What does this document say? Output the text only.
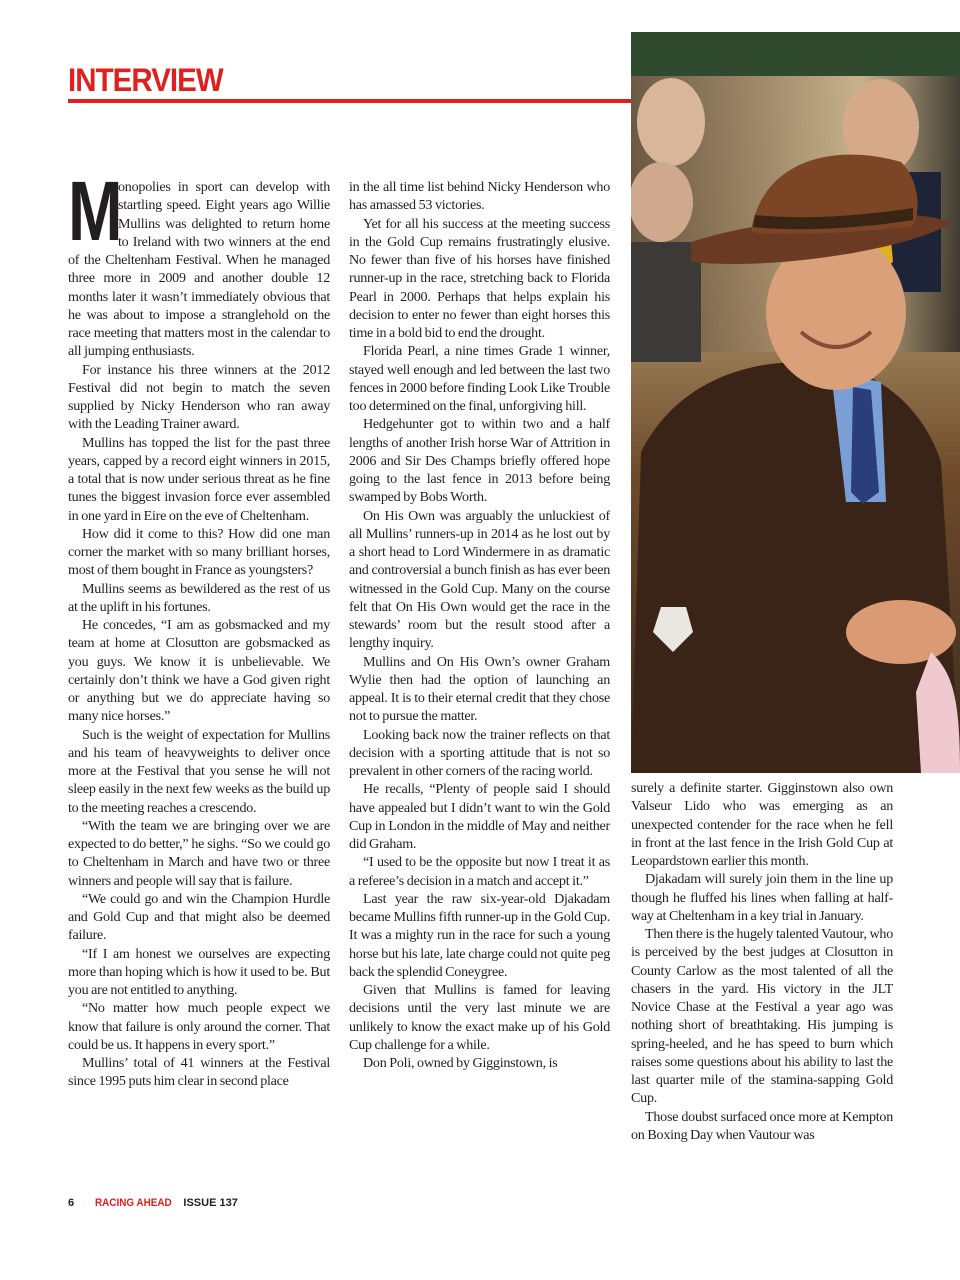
INTERVIEW

M
onopolies in sport can develop with startling speed. Eight years ago Willie Mullins was delighted to return home to Ireland with two winners at the end of the Cheltenham Festival. When he managed three more in 2009 and another double 12 months later it wasn’t immediately obvious that he was about to impose a stranglehold on the race meeting that matters most in the calendar to all jumping enthusiasts.

For instance his three winners at the 2012 Festival did not begin to match the seven supplied by Nicky Henderson who ran away with the Leading Trainer award.

Mullins has topped the list for the past three years, capped by a record eight winners in 2015, a total that is now under serious threat as he fine tunes the biggest invasion force ever assembled in one yard in Eire on the eve of Cheltenham.

How did it come to this? How did one man corner the market with so many brilliant horses, most of them bought in France as youngsters?

Mullins seems as bewildered as the rest of us at the uplift in his fortunes.

He concedes, “I am as gobsmacked and my team at home at Closutton are gobsmacked as you guys. We know it is unbelievable. We certainly don’t think we have a God given right or anything but we do appreciate having so many nice horses.”

Such is the weight of expectation for Mullins and his team of heavyweights to deliver once more at the Festival that you sense he will not sleep easily in the next few weeks as the build up to the meeting reaches a crescendo.

“With the team we are bringing over we are expected to do better,” he sighs. “So we could go to Cheltenham in March and have two or three winners and people will say that is failure.

“We could go and win the Champion Hurdle and Gold Cup and that might also be deemed failure.

“If I am honest we ourselves are expecting more than hoping which is how it used to be. But you are not entitled to anything.

“No matter how much people expect we know that failure is only around the corner. That could be us. It happens in every sport.”

Mullins’ total of 41 winners at the Festival since 1995 puts him clear in second place

in the all time list behind Nicky Henderson who has amassed 53 victories.

Yet for all his success at the meeting success in the Gold Cup remains frustratingly elusive. No fewer than five of his horses have finished runner-up in the race, stretching back to Florida Pearl in 2000. Perhaps that helps explain his decision to enter no fewer than eight horses this time in a bold bid to end the drought.

Florida Pearl, a nine times Grade 1 winner, stayed well enough and led between the last two fences in 2000 before finding Look Like Trouble too determined on the final, unforgiving hill.

Hedgehunter got to within two and a half lengths of another Irish horse War of Attrition in 2006 and Sir Des Champs briefly offered hope going to the last fence in 2013 before being swamped by Bobs Worth.

On His Own was arguably the unluckiest of all Mullins’ runners-up in 2014 as he lost out by a short head to Lord Windermere in as dramatic and controversial a bunch finish as has ever been witnessed in the Gold Cup. Many on the course felt that On His Own would get the race in the stewards’ room but the result stood after a lengthy inquiry.

Mullins and On His Own’s owner Graham Wylie then had the option of launching an appeal. It is to their eternal credit that they chose not to pursue the matter.

Looking back now the trainer reflects on that decision with a sporting attitude that is not so prevalent in other corners of the racing world.

He recalls, “Plenty of people said I should have appealed but I didn’t want to win the Gold Cup in London in the middle of May and neither did Graham.

“I used to be the opposite but now I treat it as a referee’s decision in a match and accept it.”

Last year the raw six-year-old Djakadam became Mullins fifth runner-up in the Gold Cup. It was a mighty run in the race for such a young horse but his late, late charge could not quite peg back the splendid Coneygree.

Given that Mullins is famed for leaving decisions until the very last minute we are unlikely to know the exact make up of his Gold Cup challenge for a while.

Don Poli, owned by Gigginstown, is

surely a definite starter. Gigginstown also own Valseur Lido who was emerging as an unexpected contender for the race when he fell in front at the last fence in the Irish Gold Cup at Leopardstown earlier this month.

Djakadam will surely join them in the line up though he fluffed his lines when falling at half-way at Cheltenham in a key trial in January.

Then there is the hugely talented Vautour, who is perceived by the best judges at Closutton in County Carlow as the most talented of all the chasers in the yard. His victory in the JLT Novice Chase at the Festival a year ago was nothing short of breathtaking. His jumping is spring-heeled, and he has speed to burn which raises some questions about his ability to last the last quarter mile of the stamina-sapping Gold Cup.

Those doubst surfaced once more at Kempton on Boxing Day when Vautour was

6 RACING AHEAD ISSUE 137
